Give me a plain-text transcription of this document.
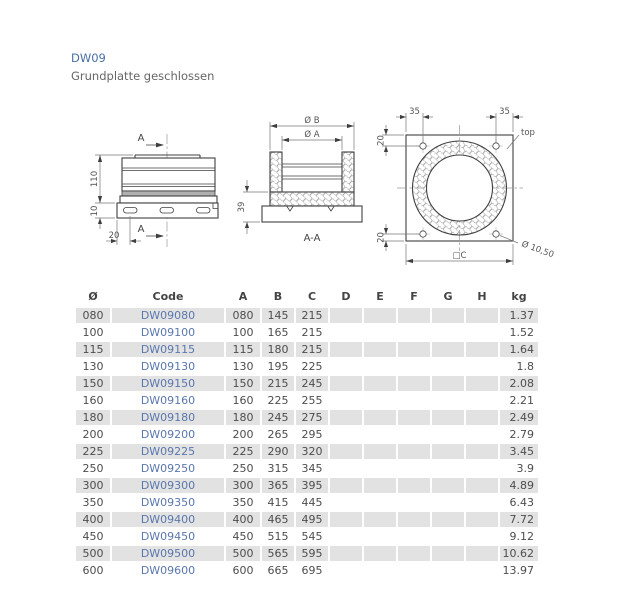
DW09
Grundplatte geschlossen
A
A
110
10
20
Ø B
Ø A
39
A-A
35	35
20
20
top
Ø 10,50
□C
Ø	Code	A	B	C	D	E	F	G	H	kg
080	DW09080	080	145	215						1.37
100	DW09100	100	165	215						1.52
115	DW09115	115	180	215						1.64
130	DW09130	130	195	225						1.8
150	DW09150	150	215	245						2.08
160	DW09160	160	225	255						2.21
180	DW09180	180	245	275						2.49
200	DW09200	200	265	295						2.79
225	DW09225	225	290	320						3.45
250	DW09250	250	315	345						3.9
300	DW09300	300	365	395						4.89
350	DW09350	350	415	445						6.43
400	DW09400	400	465	495						7.72
450	DW09450	450	515	545						9.12
500	DW09500	500	565	595						10.62
600	DW09600	600	665	695						13.97
